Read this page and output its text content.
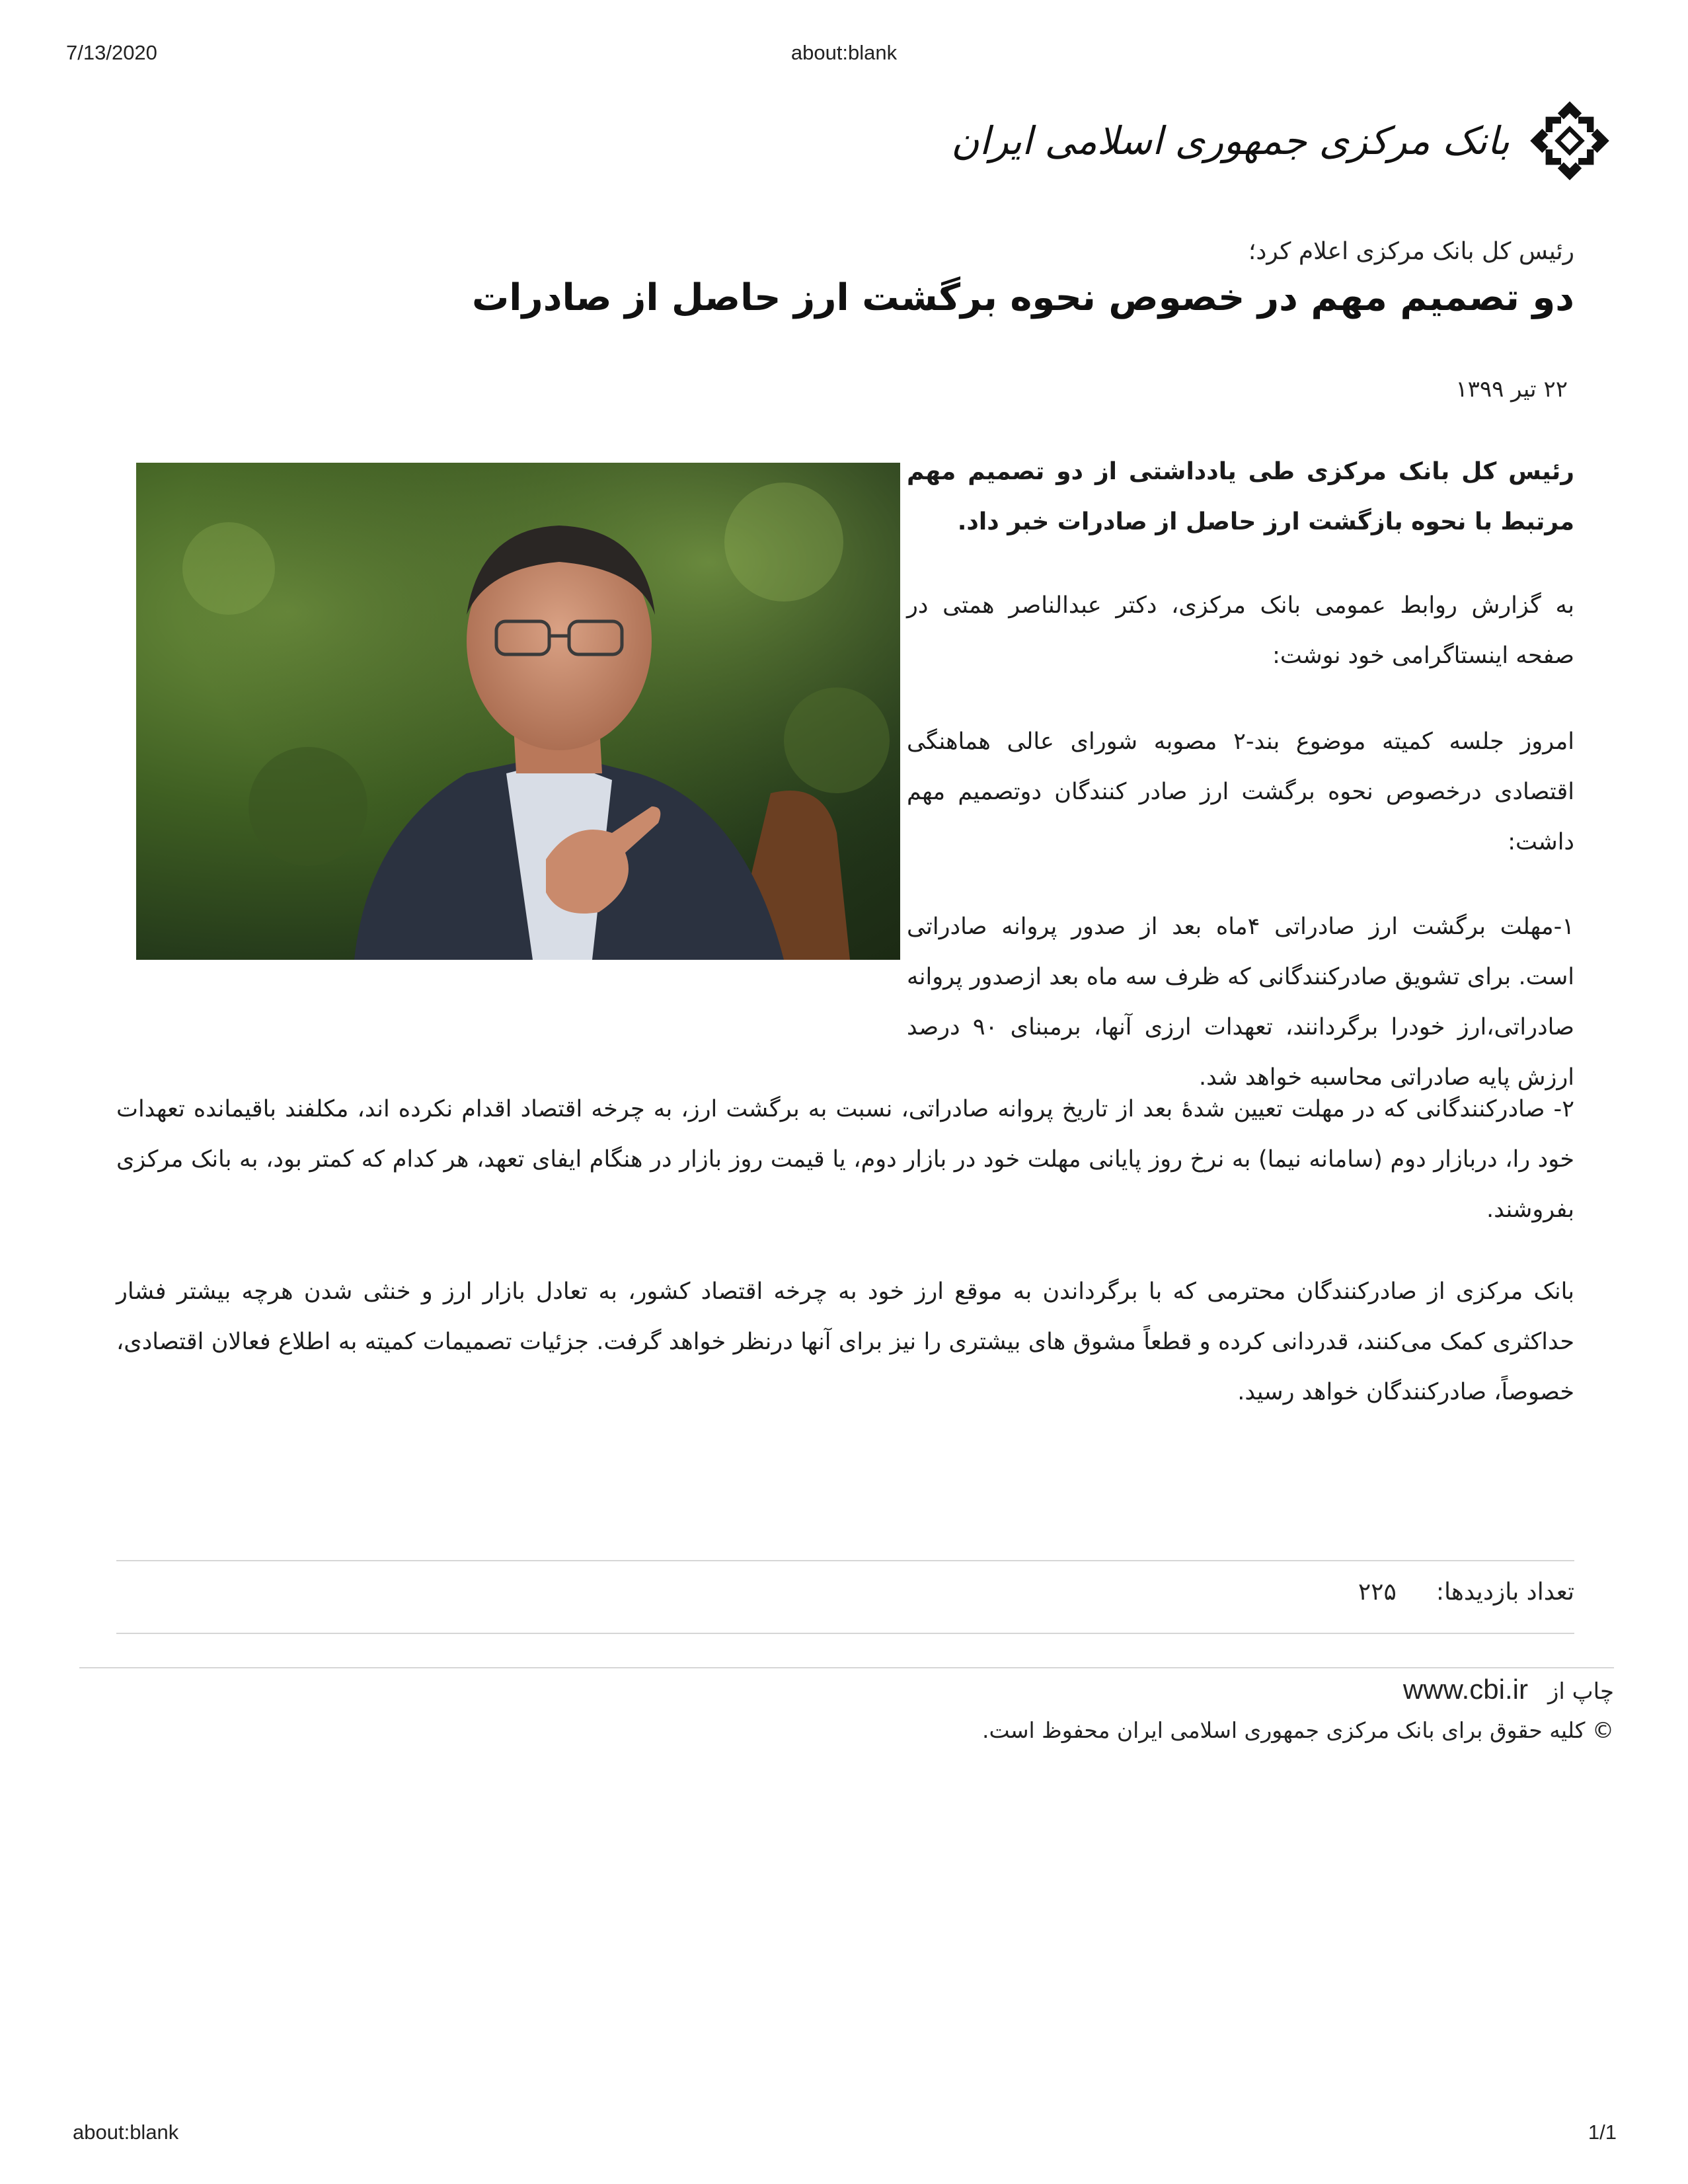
7/13/2020	about:blank
بانک مرکزی جمهوری اسلامی ایران

رئیس کل بانک مرکزی اعلام کرد؛

دو تصمیم مهم در خصوص نحوه برگشت ارز حاصل از صادرات

۲۲ تیر ۱۳۹۹

رئیس کل بانک مرکزی طی یادداشتی از دو تصمیم مهم مرتبط با نحوه بازگشت ارز حاصل از صادرات خبر داد.
به گزارش روابط عمومی بانک مرکزی، دکتر عبدالناصر همتی در صفحه اینستاگرامی خود نوشت:
امروز جلسه کمیته موضوع بند-۲ مصوبه شورای عالی هماهنگی اقتصادی درخصوص نحوه برگشت ارز صادر کنندگان دوتصمیم مهم داشت:
۱-مهلت برگشت ارز صادراتی ۴ماه بعد از صدور پروانه صادراتی است. برای تشویق صادرکنندگانی که ظرف سه ماه بعد ازصدور پروانه صادراتی،ارز خودرا برگردانند، تعهدات ارزی آنها، برمبنای ۹۰ درصد ارزش پایه صادراتی محاسبه خواهد شد.
۲- صادرکنندگانی که در مهلت تعیین شدهٔ بعد از تاریخ پروانه صادراتی، نسبت به برگشت ارز، به چرخه اقتصاد اقدام نکرده اند، مکلفند باقیمانده تعهدات خود را، دربازار دوم (سامانه نیما) به نرخ روز پایانی مهلت خود در بازار دوم، یا قیمت روز بازار در هنگام ایفای تعهد، هر کدام که کمتر بود، به بانک مرکزی بفروشند.
بانک مرکزی از صادرکنندگان محترمی که با برگرداندن به موقع ارز خود به چرخه اقتصاد کشور، به تعادل بازار ارز و خنثی شدن هرچه بیشتر فشار حداکثری کمک می‌کنند، قدردانی کرده و قطعاً مشوق های بیشتری را نیز برای آنها درنظر خواهد گرفت. جزئیات تصمیمات کمیته به اطلاع فعالان اقتصادی، خصوصاً، صادرکنندگان خواهد رسید.
تعداد بازدیدها:
۲۲۵
چاپ از
www.cbi.ir
© کلیه حقوق برای بانک مرکزی جمهوری اسلامی ایران محفوظ است.
about:blank	1/1
